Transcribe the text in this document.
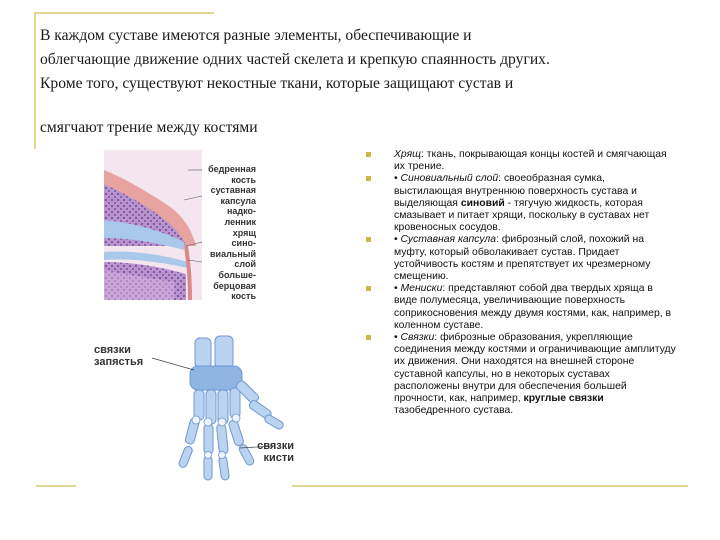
В каждом суставе имеются разные элементы, обеспечивающие и
облегчающие движение одних частей скелета и крепкую спаянность других.
Кроме того, существуют некостные ткани, которые защищают сустав и
смягчают трение между костями
бедренная
кость
суставная
капсула
надко-
ленник
хрящ
сино-
виальный
слой
больше-
берцовая
кость
связки
запястья
связки
кисти

Хрящ: ткань, покрывающая концы костей и смягчающая их трение.

• Синовиальный слой: своеобразная сумка, выстилающая внутреннюю поверхность сустава и выделяющая синовий - тягучую жидкость, которая смазывает и питает хрящи, поскольку в суставах нет кровеносных сосудов.

• Суставная капсула: фиброзный слой, похожий на муфту, который обволакивает сустав. Придает устойчивость костям и препятствует их чрезмерному смещению.

• Мениски: представляют собой два твердых хряща в виде полумесяца, увеличивающие поверхность соприкосновения между двумя костями, как, например, в коленном суставе.

• Связки: фиброзные образования, укрепляющие соединения между костями и ограничивающие амплитуду их движения. Они находятся на внешней стороне суставной капсулы, но в некоторых суставах расположены внутри для обеспечения большей прочности, как, например, круглые связки тазобедренного сустава.
